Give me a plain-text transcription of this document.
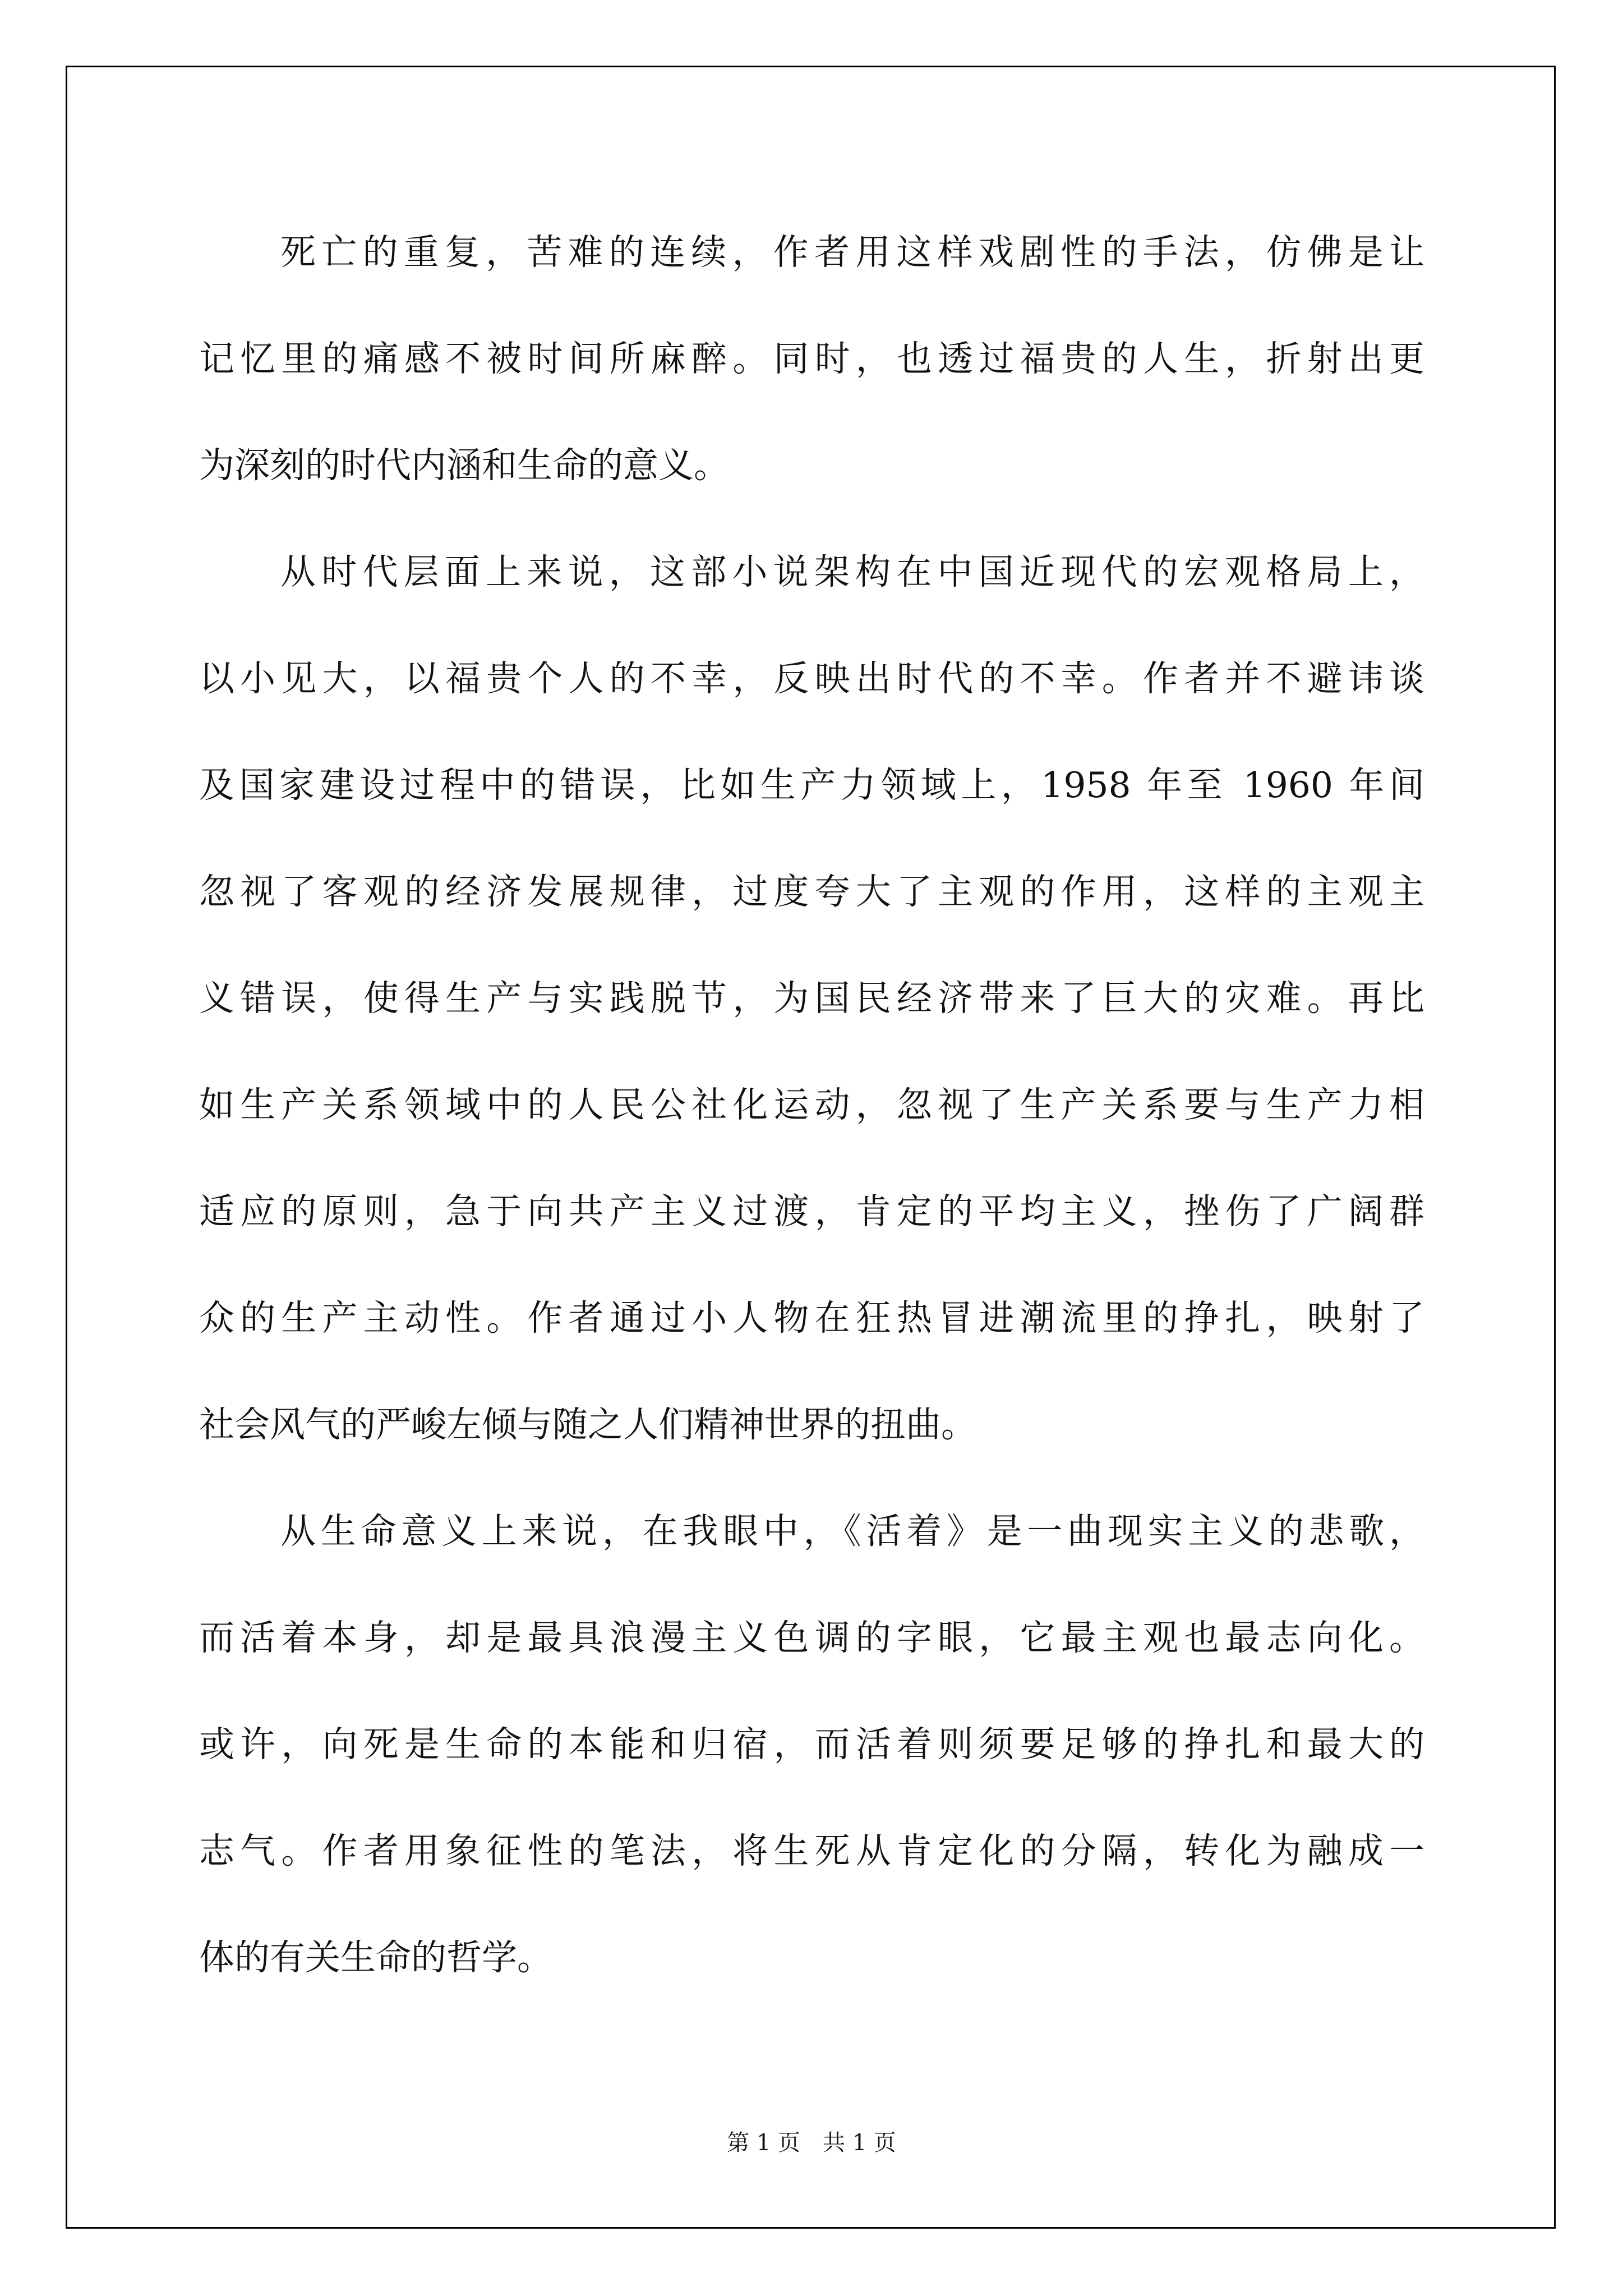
死亡的重复，苦难的连续，作者用这样戏剧性的手法，仿佛是让
记忆里的痛感不被时间所麻醉。同时，也透过福贵的人生，折射出更
为深刻的时代内涵和生命的意义。
从时代层面上来说，这部小说架构在中国近现代的宏观格局上，
以小见大，以福贵个人的不幸，反映出时代的不幸。作者并不避讳谈
及国家建设过程中的错误，比如生产力领域上，1958 年至 1960 年间
忽视了客观的经济发展规律，过度夸大了主观的作用，这样的主观主
义错误，使得生产与实践脱节，为国民经济带来了巨大的灾难。再比
如生产关系领域中的人民公社化运动，忽视了生产关系要与生产力相
适应的原则，急于向共产主义过渡，肯定的平均主义，挫伤了广阔群
众的生产主动性。作者通过小人物在狂热冒进潮流里的挣扎，映射了
社会风气的严峻左倾与随之人们精神世界的扭曲。
从生命意义上来说，在我眼中，《活着》是一曲现实主义的悲歌，
而活着本身，却是最具浪漫主义色调的字眼，它最主观也最志向化。
或许，向死是生命的本能和归宿，而活着则须要足够的挣扎和最大的
志气。作者用象征性的笔法，将生死从肯定化的分隔，转化为融成一
体的有关生命的哲学。
第 1 页　共 1 页
